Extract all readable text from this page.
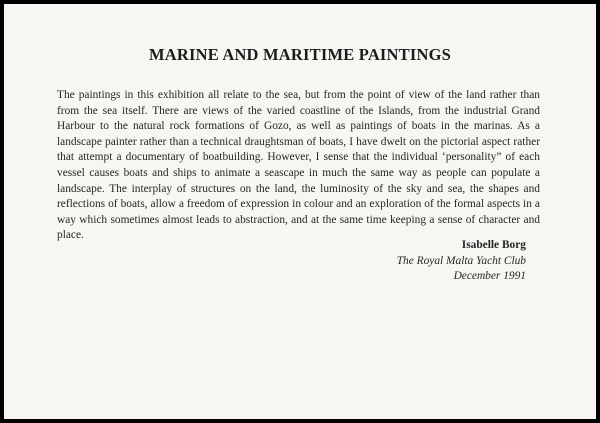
MARINE AND MARITIME PAINTINGS

The paintings in this exhibition all relate to the sea, but from the point of view of the land rather than from the sea itself. There are views of the varied coastline of the Islands, from the industrial Grand Harbour to the natural rock formations of Gozo, as well as paintings of boats in the marinas. As a landscape painter rather than a technical draughtsman of boats, I have dwelt on the pictorial aspect rather that attempt a documentary of boatbuilding. However, I sense that the individual ‘personality” of each vessel causes boats and ships to animate a seascape in much the same way as people can populate a landscape. The interplay of structures on the land, the luminosity of the sky and sea, the shapes and reflections of boats, allow a freedom of expression in colour and an exploration of the formal aspects in a way which sometimes almost leads to abstraction, and at the same time keeping a sense of character and place.

Isabelle Borg
The Royal Malta Yacht Club
December 1991
